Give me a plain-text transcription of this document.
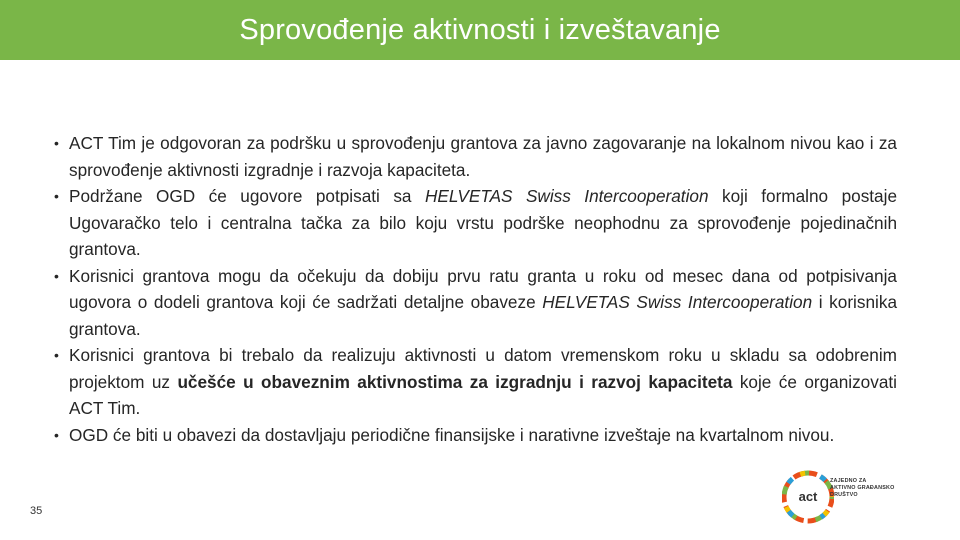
Sprovođenje aktivnosti i izveštavanje
• ACT Tim je odgovoran za podršku u sprovođenju grantova za javno zagovaranje na lokalnom nivou kao i za sprovođenje aktivnosti izgradnje i razvoja kapaciteta.
• Podržane OGD će ugovore potpisati sa HELVETAS Swiss Intercooperation koji formalno postaje Ugovaračko telo i centralna tačka za bilo koju vrstu podrške neophodnu za sprovođenje pojedinačnih grantova.
• Korisnici grantova mogu da očekuju da dobiju prvu ratu granta u roku od mesec dana od potpisivanja ugovora o dodeli grantova koji će sadržati detaljne obaveze HELVETAS Swiss Intercooperation i korisnika grantova.
• Korisnici grantova bi trebalo da realizuju aktivnosti u datom vremenskom roku u skladu sa odobrenim projektom uz učešće u obaveznim aktivnostima za izgradnju i razvoj kapaciteta koje će organizovati ACT Tim.
• OGD će biti u obavezi da dostavljaju periodične finansijske i narativne izveštaje na kvartalnom nivou.
35
act
ZAJEDNO ZA
AKTIVNO GRAĐANSKO
DRUŠTVO
